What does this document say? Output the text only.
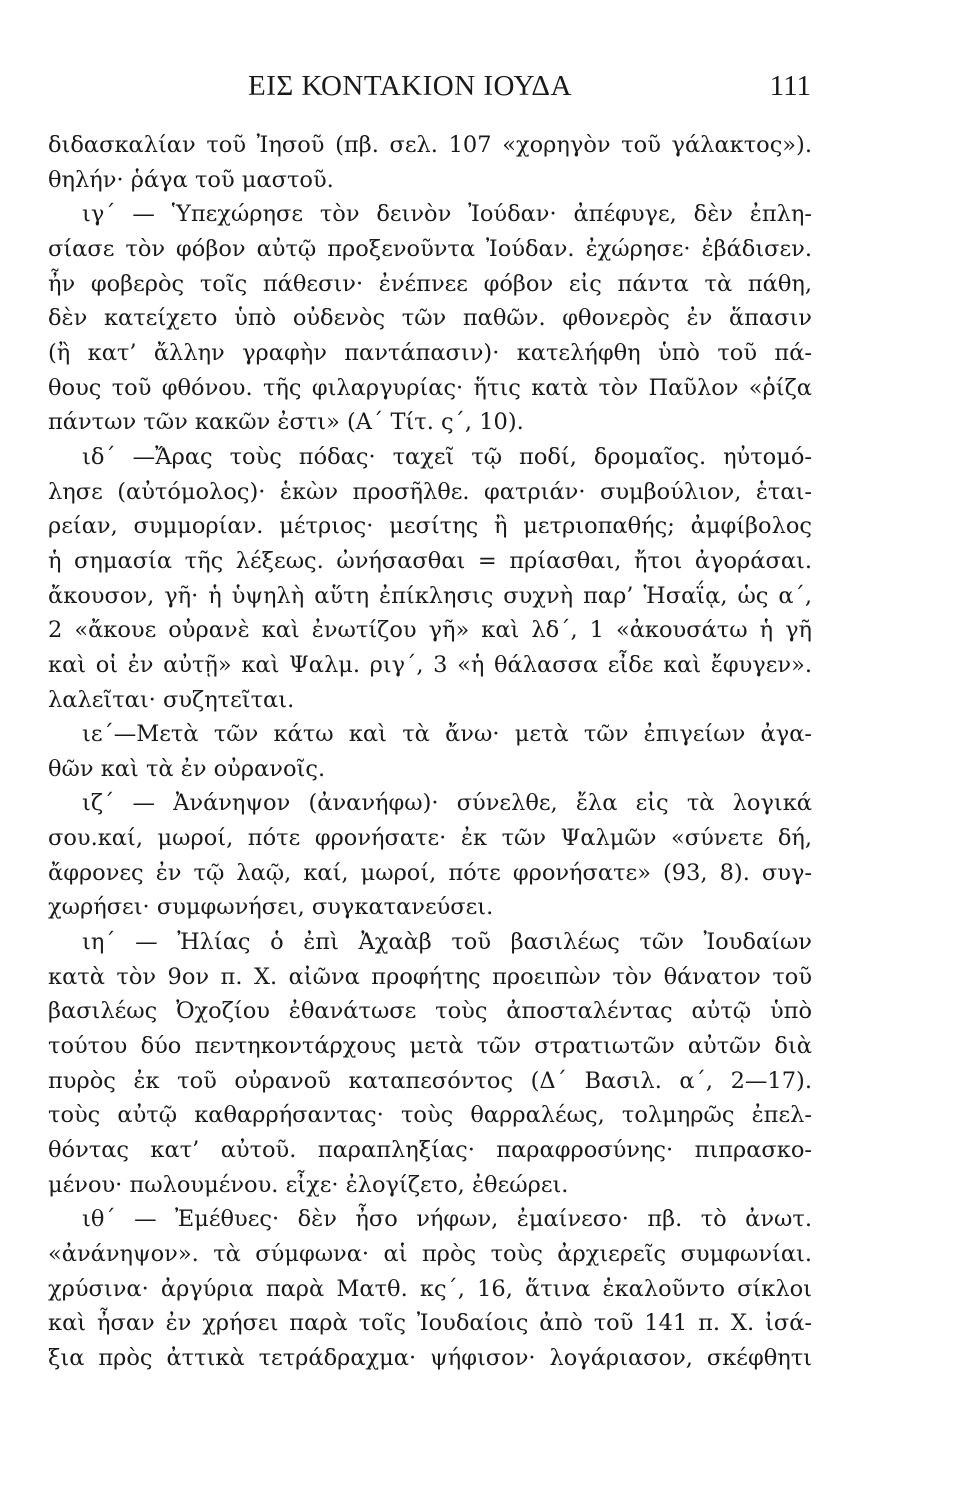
ΕΙΣ ΚΟΝΤΑΚΙΟΝ ΙΟΥΔΑ	111
διδασκαλίαν τοῦ Ἰησοῦ (πβ. σελ. 107 «χορηγὸν τοῦ γάλακτος»).
θηλήν· ῥάγα τοῦ μαστοῦ.
ιγ´ — Ὑπεχώρησε τὸν δεινὸν Ἰούδαν· ἀπέφυγε, δὲν ἐπλη-
σίασε τὸν φόβον αὐτῷ προξενοῦντα Ἰούδαν. ἐχώρησε· ἐβάδισεν.
ἦν φοβερὸς τοῖς πάθεσιν· ἐνέπνεε φόβον εἰς πάντα τὰ πάθη,
δὲν κατείχετο ὑπὸ οὐδενὸς τῶν παθῶν. φθονερὸς ἐν ἅπασιν
(ἢ κατ’ ἄλλην γραφὴν παντάπασιν)· κατελήφθη ὑπὸ τοῦ πά-
θους τοῦ φθόνου. τῆς φιλαργυρίας· ἥτις κατὰ τὸν Παῦλον «ῥίζα
πάντων τῶν κακῶν ἐστι» (Α´ Τίτ. ς´, 10).
ιδ´ —Ἄρας τοὺς πόδας· ταχεῖ τῷ ποδί, δρομαῖος. ηὐτομό-
λησε (αὐτόμολος)· ἑκὼν προσῆλθε. φατριάν· συμβούλιον, ἑται-
ρείαν, συμμορίαν. μέτριος· μεσίτης ἢ μετριοπαθής; ἀμφίβολος
ἡ σημασία τῆς λέξεως. ὠνήσασθαι = πρίασθαι, ἤτοι ἀγοράσαι.
ἄκουσον, γῆ· ἡ ὑψηλὴ αὕτη ἐπίκλησις συχνὴ παρ’ Ἡσαΐᾳ, ὡς α´,
2 «ἄκουε οὐρανὲ καὶ ἐνωτίζου γῆ» καὶ λδ´, 1 «ἀκουσάτω ἡ γῆ
καὶ οἱ ἐν αὐτῇ» καὶ Ψαλμ. ριγ´, 3 «ἡ θάλασσα εἶδε καὶ ἔφυγεν».
λαλεῖται· συζητεῖται.
ιε´—Μετὰ τῶν κάτω καὶ τὰ ἄνω· μετὰ τῶν ἐπιγείων ἀγα-
θῶν καὶ τὰ ἐν οὐρανοῖς.
ιζ´ — Ἀνάνηψον (ἀνανήφω)· σύνελθε, ἔλα εἰς τὰ λογικά
σου.καί, μωροί, πότε φρονήσατε· ἐκ τῶν Ψαλμῶν «σύνετε δή,
ἄφρονες ἐν τῷ λαῷ, καί, μωροί, πότε φρονήσατε» (93, 8). συγ-
χωρήσει· συμφωνήσει, συγκατανεύσει.
ιη´ — Ἠλίας ὁ ἐπὶ Ἀχαὰβ τοῦ βασιλέως τῶν Ἰουδαίων
κατὰ τὸν 9ον π. Χ. αἰῶνα προφήτης προειπὼν τὸν θάνατον τοῦ
βασιλέως Ὀχοζίου ἐθανάτωσε τοὺς ἀποσταλέντας αὐτῷ ὑπὸ
τούτου δύο πεντηκοντάρχους μετὰ τῶν στρατιωτῶν αὐτῶν διὰ
πυρὸς ἐκ τοῦ οὐρανοῦ καταπεσόντος (Δ´ Βασιλ. α´, 2—17).
τοὺς αὐτῷ καθαρρήσαντας· τοὺς θαρραλέως, τολμηρῶς ἐπελ-
θόντας κατ’ αὐτοῦ. παραπληξίας· παραφροσύνης· πιπρασκο-
μένου· πωλουμένου. εἶχε· ἐλογίζετο, ἐθεώρει.
ιθ´ — Ἐμέθυες· δὲν ἦσο νήφων, ἐμαίνεσο· πβ. τὸ ἀνωτ.
«ἀνάνηψον». τὰ σύμφωνα· αἱ πρὸς τοὺς ἀρχιερεῖς συμφωνίαι.
χρύσινα· ἀργύρια παρὰ Ματθ. κς´, 16, ἅτινα ἐκαλοῦντο σίκλοι
καὶ ἦσαν ἐν χρήσει παρὰ τοῖς Ἰουδαίοις ἀπὸ τοῦ 141 π. Χ. ἰσά-
ξια πρὸς ἀττικὰ τετράδραχμα· ψήφισον· λογάριασον, σκέφθητι
